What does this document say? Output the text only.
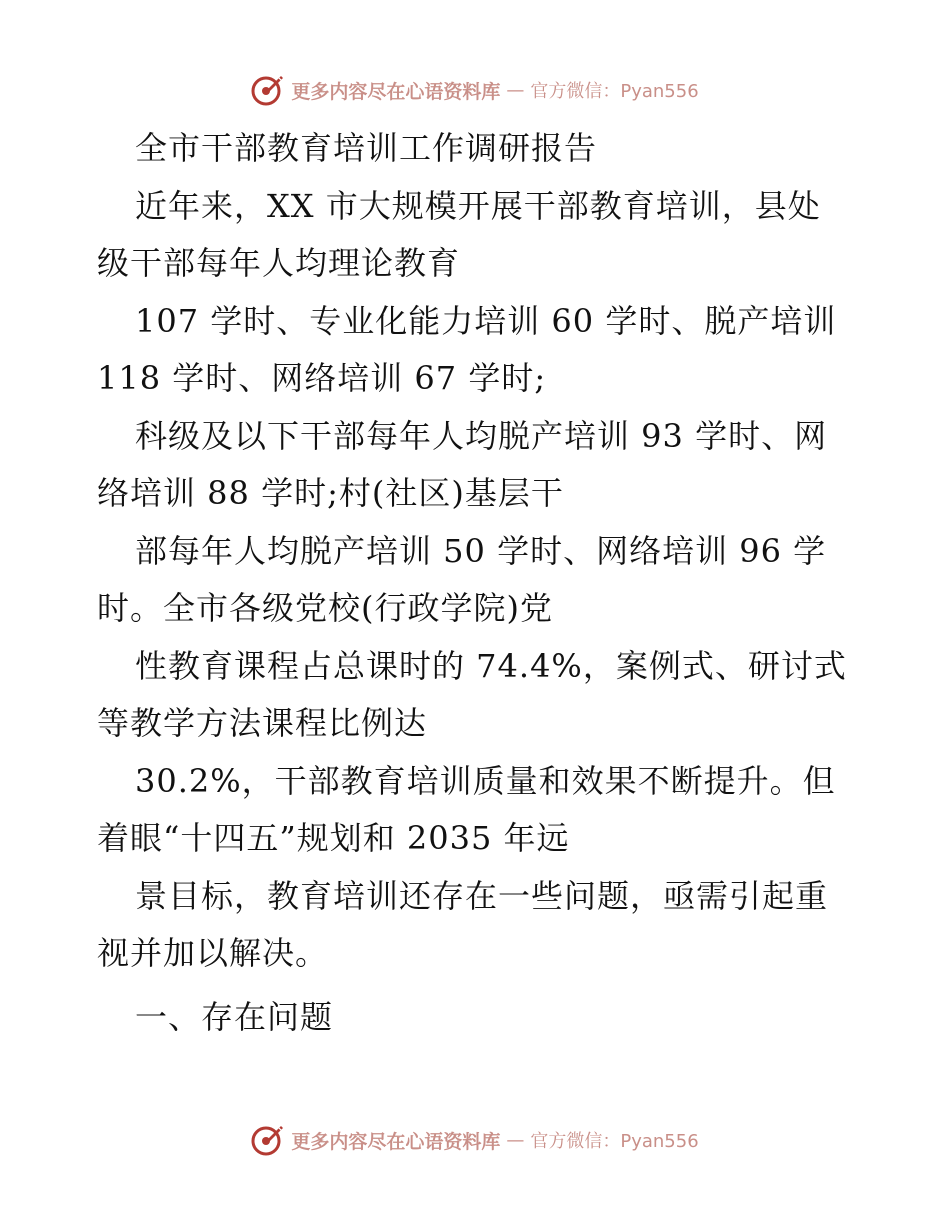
更多内容尽在心语资料库 — 官方微信：Pyan556
全市干部教育培训工作调研报告
近年来，XX 市大规模开展干部教育培训，县处
级干部每年人均理论教育
107 学时、专业化能力培训 60 学时、脱产培训
118 学时、网络培训 67 学时;
科级及以下干部每年人均脱产培训 93 学时、网
络培训 88 学时;村(社区)基层干
部每年人均脱产培训 50 学时、网络培训 96 学
时。全市各级党校(行政学院)党
性教育课程占总课时的 74.4%，案例式、研讨式
等教学方法课程比例达
30.2%，干部教育培训质量和效果不断提升。但
着眼“十四五”规划和 2035 年远
景目标，教育培训还存在一些问题，亟需引起重
视并加以解决。
一、存在问题
更多内容尽在心语资料库 — 官方微信：Pyan556
